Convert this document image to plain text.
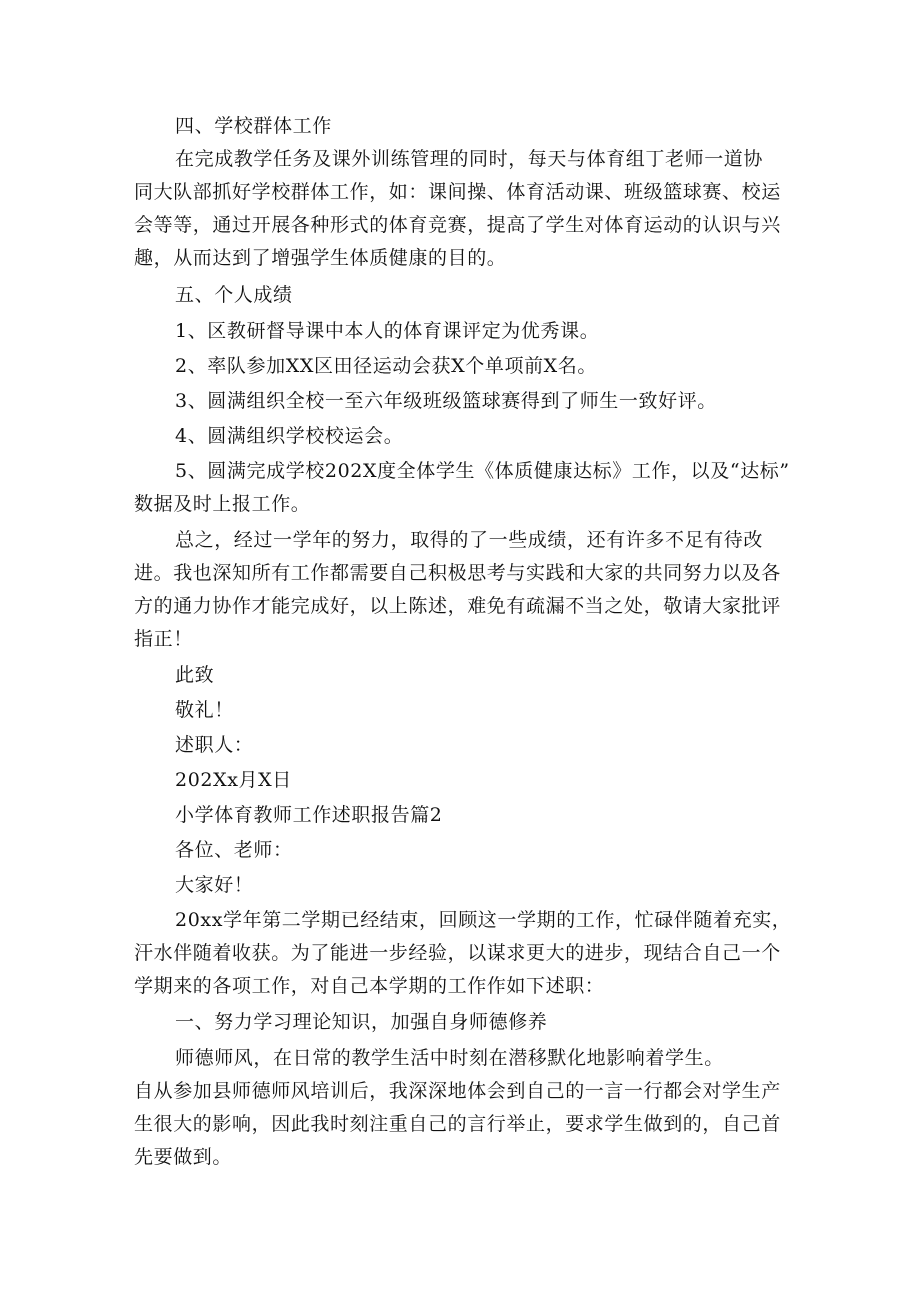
四、学校群体工作
在完成教学任务及课外训练管理的同时，每天与体育组丁老师一道协
同大队部抓好学校群体工作，如：课间操、体育活动课、班级篮球赛、校运
会等等，通过开展各种形式的体育竞赛，提高了学生对体育运动的认识与兴
趣，从而达到了增强学生体质健康的目的。
五、个人成绩
1、区教研督导课中本人的体育课评定为优秀课。
2、率队参加XX区田径运动会获X个单项前X名。
3、圆满组织全校一至六年级班级篮球赛得到了师生一致好评。
4、圆满组织学校校运会。
5、圆满完成学校202X度全体学生《体质健康达标》工作，以及“达标”
数据及时上报工作。
总之，经过一学年的努力，取得的了一些成绩，还有许多不足有待改
进。我也深知所有工作都需要自己积极思考与实践和大家的共同努力以及各
方的通力协作才能完成好，以上陈述，难免有疏漏不当之处，敬请大家批评
指正！
此致
敬礼！
述职人：
202Xx月X日
小学体育教师工作述职报告篇2
各位、老师：
大家好！
20xx学年第二学期已经结束，回顾这一学期的工作，忙碌伴随着充实，
汗水伴随着收获。为了能进一步经验，以谋求更大的进步，现结合自己一个
学期来的各项工作，对自己本学期的工作作如下述职：
一、努力学习理论知识，加强自身师德修养
师德师风，在日常的教学生活中时刻在潜移默化地影响着学生。
自从参加县师德师风培训后，我深深地体会到自己的一言一行都会对学生产
生很大的影响，因此我时刻注重自己的言行举止，要求学生做到的，自己首
先要做到。
